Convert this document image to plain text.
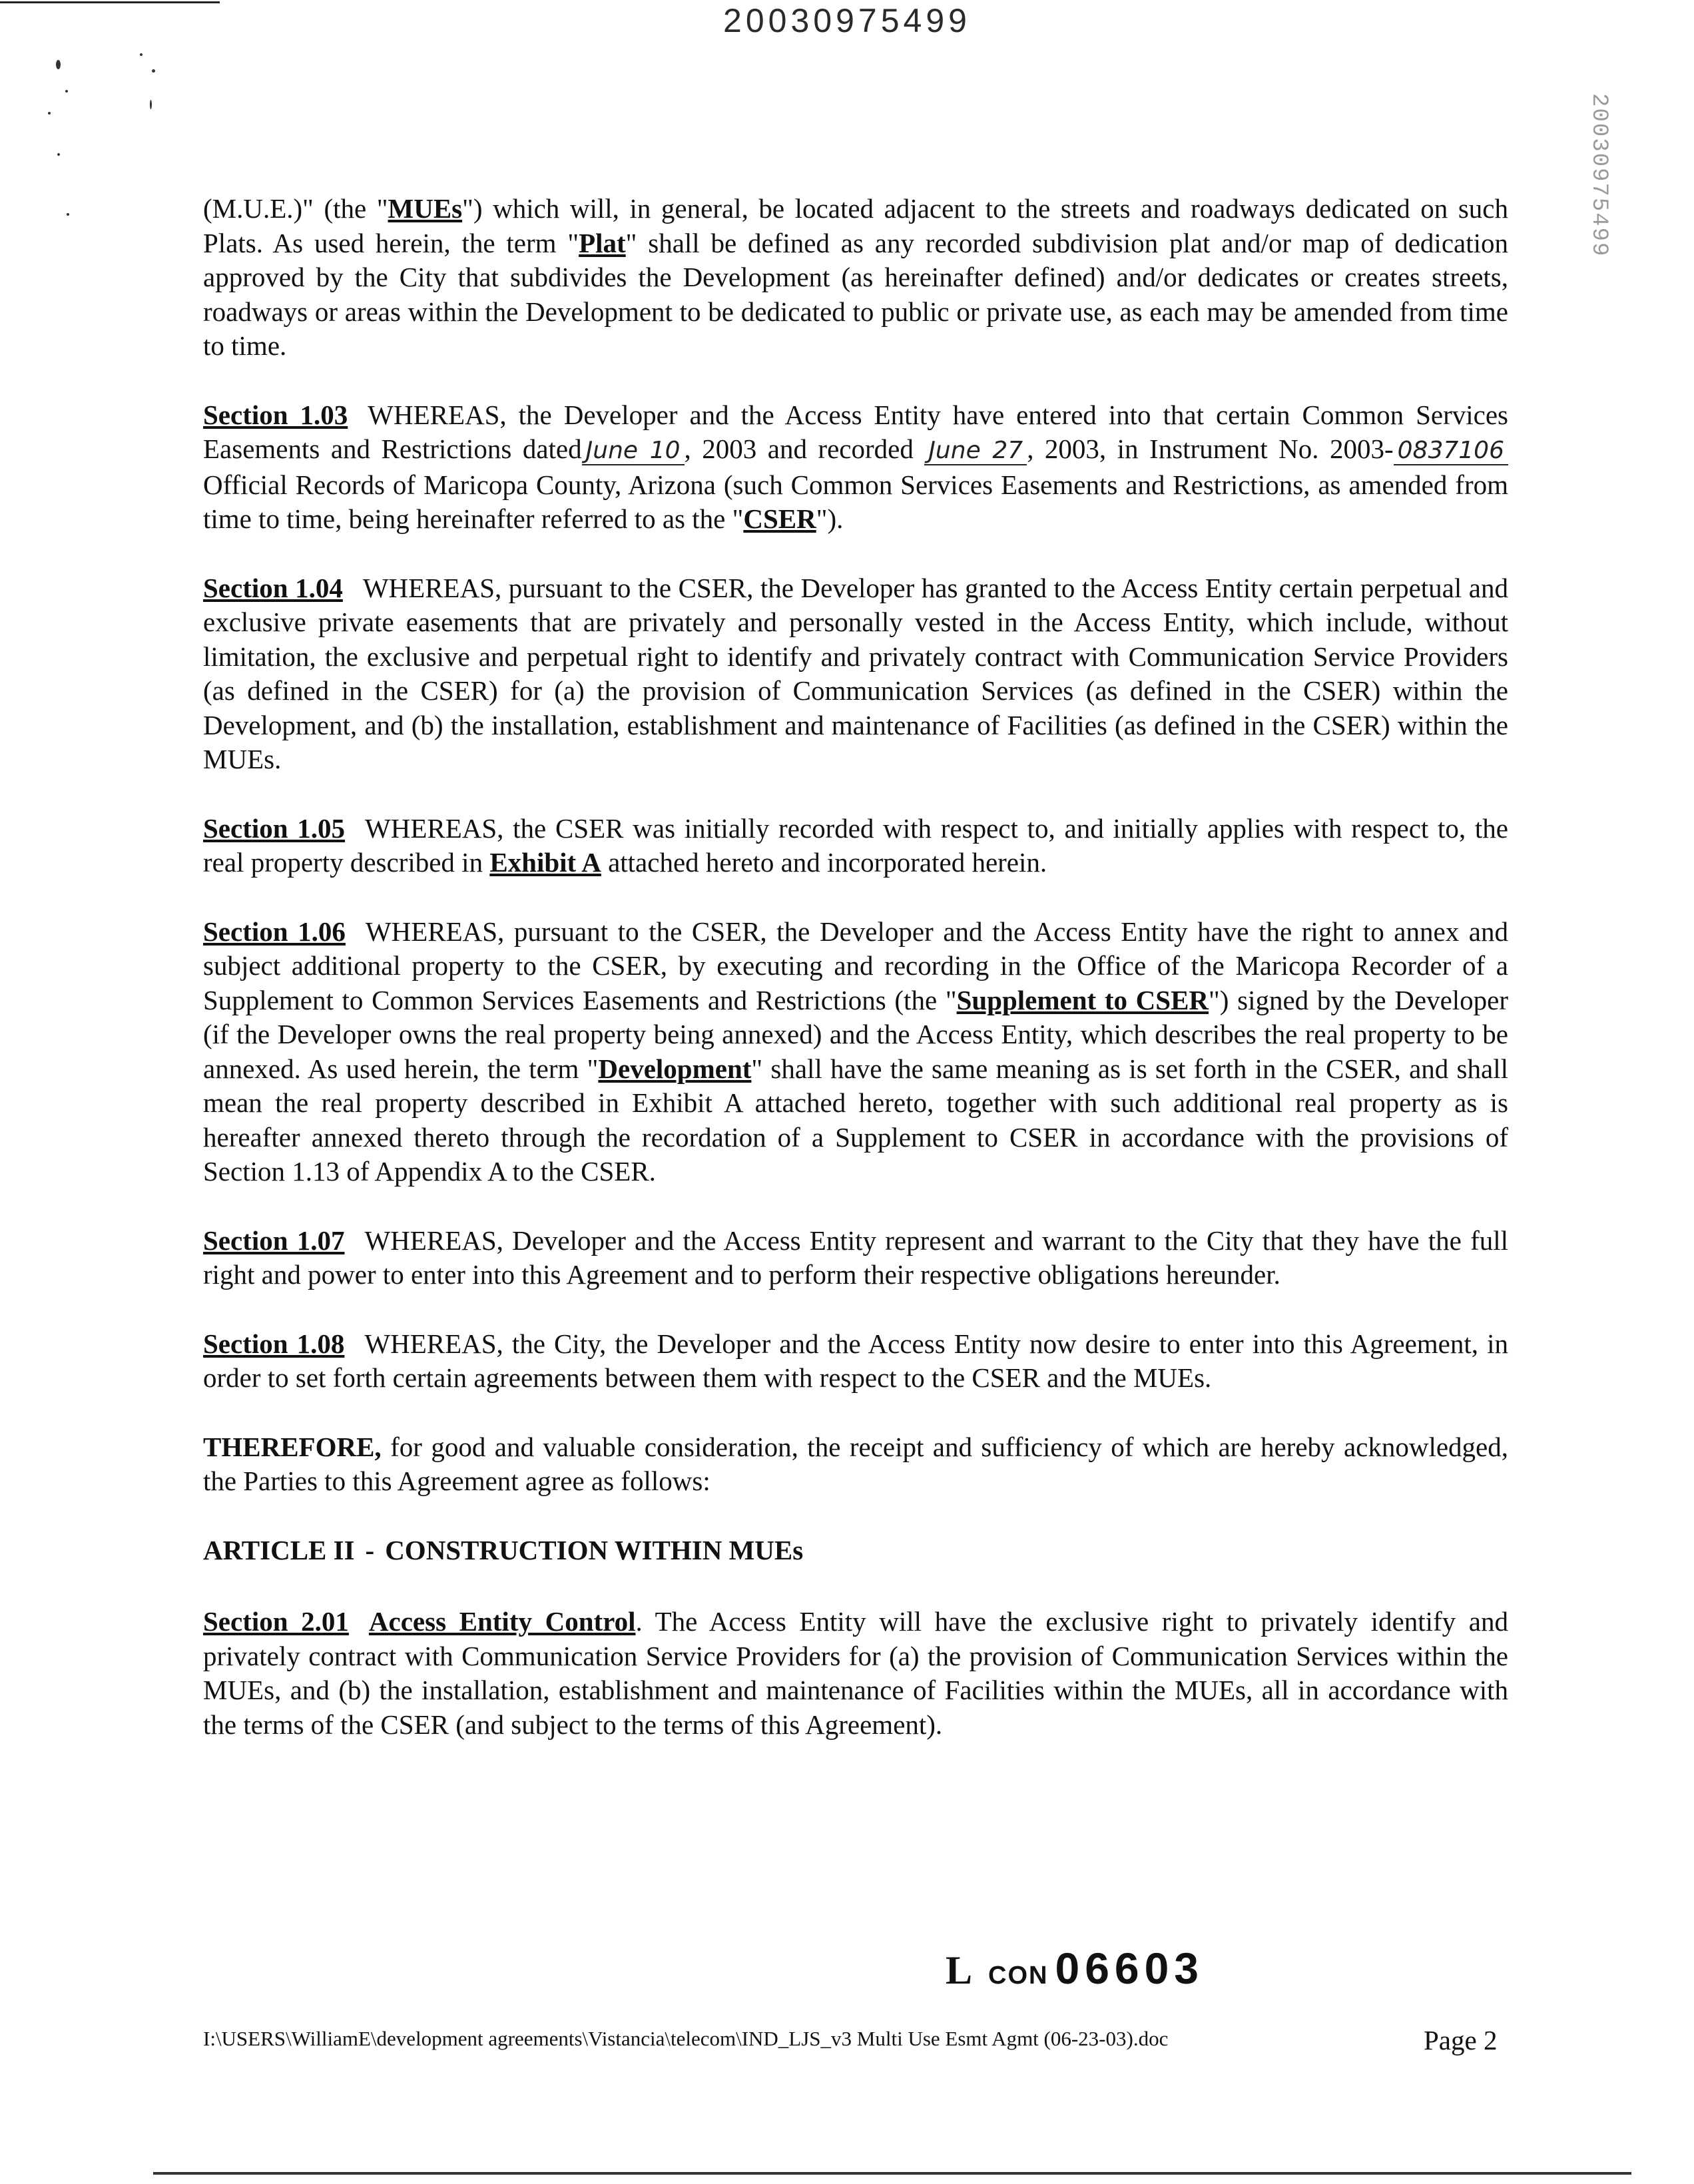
20030975499
20030975499

(M.U.E.)" (the "MUEs") which will, in general, be located adjacent to the streets and roadways dedicated on such Plats. As used herein, the term "Plat" shall be defined as any recorded subdivision plat and/or map of dedication approved by the City that subdivides the Development (as hereinafter defined) and/or dedicates or creates streets, roadways or areas within the Development to be dedicated to public or private use, as each may be amended from time to time.

Section 1.03 WHEREAS, the Developer and the Access Entity have entered into that certain Common Services Easements and Restrictions dated June 10 , 2003 and recorded June 27 , 2003, in Instrument No. 2003- 0837106 Official Records of Maricopa County, Arizona (such Common Services Easements and Restrictions, as amended from time to time, being hereinafter referred to as the "CSER").

Section 1.04 WHEREAS, pursuant to the CSER, the Developer has granted to the Access Entity certain perpetual and exclusive private easements that are privately and personally vested in the Access Entity, which include, without limitation, the exclusive and perpetual right to identify and privately contract with Communication Service Providers (as defined in the CSER) for (a) the provision of Communication Services (as defined in the CSER) within the Development, and (b) the installation, establishment and maintenance of Facilities (as defined in the CSER) within the MUEs.

Section 1.05 WHEREAS, the CSER was initially recorded with respect to, and initially applies with respect to, the real property described in Exhibit A attached hereto and incorporated herein.

Section 1.06 WHEREAS, pursuant to the CSER, the Developer and the Access Entity have the right to annex and subject additional property to the CSER, by executing and recording in the Office of the Maricopa Recorder of a Supplement to Common Services Easements and Restrictions (the "Supplement to CSER") signed by the Developer (if the Developer owns the real property being annexed) and the Access Entity, which describes the real property to be annexed. As used herein, the term "Development" shall have the same meaning as is set forth in the CSER, and shall mean the real property described in Exhibit A attached hereto, together with such additional real property as is hereafter annexed thereto through the recordation of a Supplement to CSER in accordance with the provisions of Section 1.13 of Appendix A to the CSER.

Section 1.07 WHEREAS, Developer and the Access Entity represent and warrant to the City that they have the full right and power to enter into this Agreement and to perform their respective obligations hereunder.

Section 1.08 WHEREAS, the City, the Developer and the Access Entity now desire to enter into this Agreement, in order to set forth certain agreements between them with respect to the CSER and the MUEs.

THEREFORE, for good and valuable consideration, the receipt and sufficiency of which are hereby acknowledged, the Parties to this Agreement agree as follows:

ARTICLE II - CONSTRUCTION WITHIN MUEs

Section 2.01 Access Entity Control. The Access Entity will have the exclusive right to privately identify and privately contract with Communication Service Providers for (a) the provision of Communication Services within the MUEs, and (b) the installation, establishment and maintenance of Facilities within the MUEs, all in accordance with the terms of the CSER (and subject to the terms of this Agreement).

LCON 06603
I:\USERS\WilliamE\development agreements\Vistancia\telecom\IND_LJS_v3 Multi Use Esmt Agmt (06-23-03).doc	Page 2
